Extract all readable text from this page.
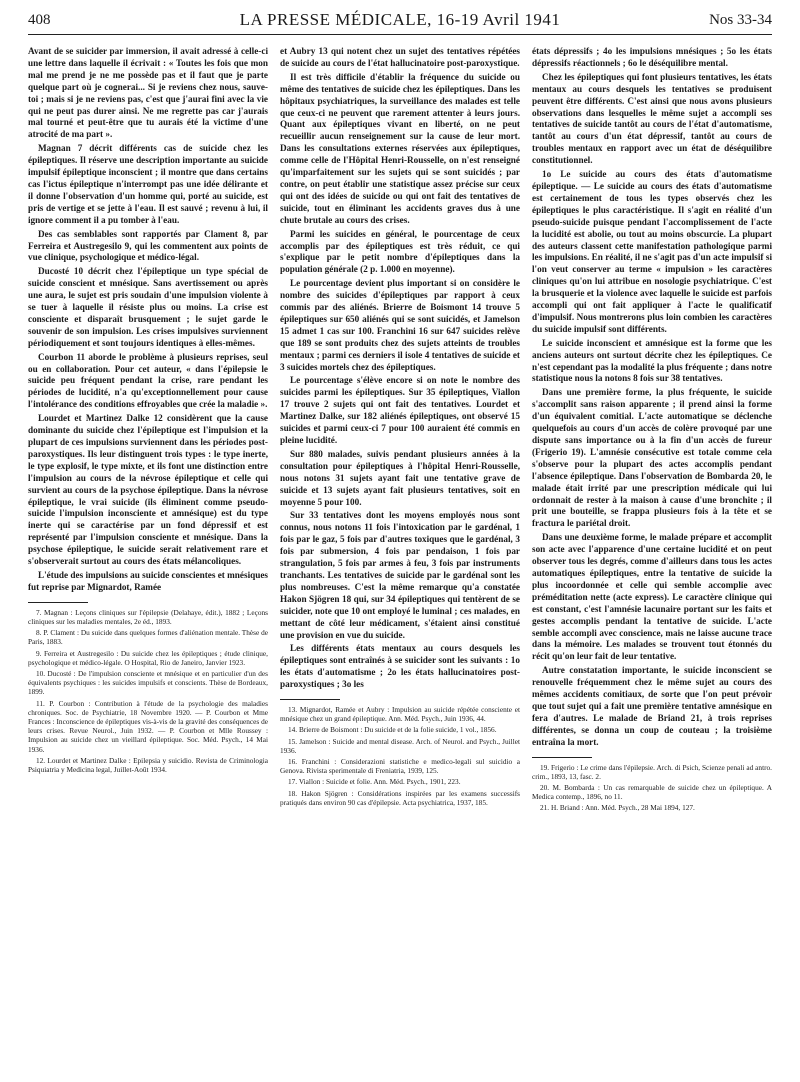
408	LA PRESSE MÉDICALE, 16-19 Avril 1941	Nos 33-34

Avant de se suicider par immersion, il avait adressé à celle-ci une lettre dans laquelle il écrivait : « Toutes les fois que mon mal me prend je ne me possède pas et il faut que je parte quelque part où je cognerai... Si je reviens chez nous, sauve-toi ; mais si je ne reviens pas, c'est que j'aurai fini avec la vie qui ne peut pas durer ainsi. Ne me regrette pas car j'aurais mal tourné et peut-être que tu aurais été la victime d'une atrocité de ma part ».

Magnan 7 décrit différents cas de suicide chez les épileptiques. Il réserve une description importante au suicide impulsif épileptique inconscient ; il montre que dans certains cas l'ictus épileptique n'interrompt pas une idée délirante et il donne l'observation d'un homme qui, porté au suicide, est pris de vertige et se jette à l'eau. Il est sauvé ; revenu à lui, il ignore comment il a pu tomber à l'eau.

Des cas semblables sont rapportés par Clament 8, par Ferreira et Austregesilo 9, qui les commentent aux points de vue clinique, psychologique et médico-légal.

Ducosté 10 décrit chez l'épileptique un type spécial de suicide conscient et mnésique. Sans avertissement ou après une aura, le sujet est pris soudain d'une impulsion violente à se tuer à laquelle il résiste plus ou moins. La crise est consciente et disparaît brusquement ; le sujet garde le souvenir de son impulsion. Les crises impulsives surviennent périodiquement et sont toujours identiques à elles-mêmes.

Courbon 11 aborde le problème à plusieurs reprises, seul ou en collaboration. Pour cet auteur, « dans l'épilepsie le suicide peu fréquent pendant la crise, rare pendant les périodes de lucidité, n'a qu'exceptionnellement pour cause l'intolérance des conditions effroyables que crée la maladie ».

Lourdet et Martinez Dalke 12 considèrent que la cause dominante du suicide chez l'épileptique est l'impulsion et la plupart de ces impulsions surviennent dans les périodes post-paroxystiques. Ils leur distinguent trois types : le type inerte, le type explosif, le type mixte, et ils font une distinction entre l'impulsion au cours de la névrose épileptique et celle qui survient au cours de la psychose épileptique. Dans la névrose épileptique, le vrai suicide (ils éliminent comme pseudo-suicide l'impulsion inconsciente et amnésique) est du type inerte qui se caractérise par un fond dépressif et est représenté par l'impulsion consciente et mnésique. Dans la psychose épileptique, le suicide serait relativement rare et s'observerait surtout au cours des états mélancoliques.

L'étude des impulsions au suicide conscientes et mnésiques fut reprise par Mignardot, Ramée

7. Magnan : Leçons cliniques sur l'épilepsie (Delahaye, édit.), 1882 ; Leçons cliniques sur les maladies mentales, 2e éd., 1893.

8. P. Clament : Du suicide dans quelques formes d'aliénation mentale. Thèse de Paris, 1883.

9. Ferreira et Austregesilo : Du suicide chez les épileptiques ; étude clinique, psychologique et médico-légale. O Hospital, Rio de Janeiro, Janvier 1923.

10. Ducosté : De l'impulsion consciente et mnésique et en particulier d'un des équivalents psychiques : les suicides impulsifs et conscients. Thèse de Bordeaux, 1899.

11. P. Courbon : Contribution à l'étude de la psychologie des maladies chroniques. Soc. de Psychiatrie, 18 Novembre 1920. — P. Courbon et Mme Frances : Inconscience de épileptiques vis-à-vis de la gravité des conséquences de leurs crises. Revue Neurol., Juin 1932. — P. Courbon et Mlle Roussey : Impulsion au suicide chez un vieillard épileptique. Soc. Méd. Psych., 14 Mai 1936.

12. Lourdet et Martinez Dalke : Epilepsia y suicidio. Revista de Criminologia Psiquiatria y Medicina legal, Juillet-Août 1934.

et Aubry 13 qui notent chez un sujet des tentatives répétées de suicide au cours de l'état hallucinatoire post-paroxystique.

Il est très difficile d'établir la fréquence du suicide ou même des tentatives de suicide chez les épileptiques. Dans les hôpitaux psychiatriques, la surveillance des malades est telle que ceux-ci ne peuvent que rarement attenter à leurs jours. Quant aux épileptiques vivant en liberté, on ne peut recueillir aucun renseignement sur la cause de leur mort. Dans les consultations externes réservées aux épileptiques, comme celle de l'Hôpital Henri-Rousselle, on n'est renseigné qu'imparfaitement sur les sujets qui se sont suicidés ; par contre, on peut établir une statistique assez précise sur ceux qui ont des idées de suicide ou qui ont fait des tentatives de suicide, tout en éliminant les accidents graves dus à une chute brutale au cours des crises.

Parmi les suicides en général, le pourcentage de ceux accomplis par des épileptiques est très réduit, ce qui s'explique par le petit nombre d'épileptiques dans la population générale (2 p. 1.000 en moyenne).

Le pourcentage devient plus important si on considère le nombre des suicides d'épileptiques par rapport à ceux commis par des aliénés. Brierre de Boismont 14 trouve 5 épileptiques sur 650 aliénés qui se sont suicidés, et Jamelson 15 admet 1 cas sur 100. Franchini 16 sur 647 suicides relève que 189 se sont produits chez des sujets atteints de troubles mentaux ; parmi ces derniers il isole 4 tentatives de suicide et 3 suicides mortels chez des épileptiques.

Le pourcentage s'élève encore si on note le nombre des suicides parmi les épileptiques. Sur 35 épileptiques, Viallon 17 trouve 2 sujets qui ont fait des tentatives. Lourdet et Martinez Dalke, sur 182 aliénés épileptiques, ont observé 15 suicides et parmi ceux-ci 7 pour 100 auraient été commis en pleine lucidité.

Sur 880 malades, suivis pendant plusieurs années à la consultation pour épileptiques à l'hôpital Henri-Rousselle, nous notons 31 sujets ayant fait une tentative grave de suicide et 13 sujets ayant fait plusieurs tentatives, soit en moyenne 5 pour 100.

Sur 33 tentatives dont les moyens employés nous sont connus, nous notons 11 fois l'intoxication par le gardénal, 1 fois par le gaz, 5 fois par d'autres toxiques que le gardénal, 3 fois par submersion, 4 fois par pendaison, 1 fois par strangulation, 5 fois par armes à feu, 3 fois par instruments tranchants. Les tentatives de suicide par le gardénal sont les plus nombreuses. C'est la même remarque qu'a constatée Hakon Sjögren 18 qui, sur 34 épileptiques qui tentèrent de se suicider, note que 10 ont employé le luminal ; ces malades, en mettant de côté leur médicament, s'étaient ainsi constitué une provision en vue du suicide.

Les différents états mentaux au cours desquels les épileptiques sont entraînés à se suicider sont les suivants : 1o les états d'automatisme ; 2o les états hallucinatoires post-paroxystiques ; 3o les

13. Mignardot, Ramée et Aubry : Impulsion au suicide répétée consciente et mnésique chez un grand épileptique. Ann. Méd. Psych., Juin 1936, 44.

14. Brierre de Boismont : Du suicide et de la folie suicide, 1 vol., 1856.

15. Jamelson : Suicide and mental disease. Arch. of Neurol. and Psych., Juillet 1936.

16. Franchini : Considerazioni statistiche e medico-legali sul suicidio a Genova. Rivista sperimentale di Freniatria, 1939, 125.

17. Viallon : Suicide et folie. Ann. Méd. Psych., 1901, 223.

18. Hakon Sjögren : Considérations inspirées par les examens successifs pratiqués dans environ 90 cas d'épilepsie. Acta psychiatrica, 1937, 185.

états dépressifs ; 4o les impulsions mnésiques ; 5o les états dépressifs réactionnels ; 6o le déséquilibre mental.

Chez les épileptiques qui font plusieurs tentatives, les états mentaux au cours desquels les tentatives se produisent peuvent être différents. C'est ainsi que nous avons plusieurs observations dans lesquelles le même sujet a accompli ses tentatives de suicide tantôt au cours de l'état d'automatisme, tantôt au cours d'un état dépressif, tantôt au cours de troubles mentaux en rapport avec un état de déséquilibre constitutionnel.

1o Le suicide au cours des états d'automatisme épileptique. — Le suicide au cours des états d'automatisme est certainement de tous les types observés chez les épileptiques le plus caractéristique. Il s'agit en réalité d'un pseudo-suicide puisque pendant l'accomplissement de l'acte la lucidité est abolie, ou tout au moins obscurcie. La plupart des auteurs classent cette manifestation pathologique parmi les impulsions. En réalité, il ne s'agit pas d'un acte impulsif si l'on veut conserver au terme « impulsion » les caractères cliniques qu'on lui attribue en nosologie psychiatrique. C'est la brusquerie et la violence avec laquelle le suicide est parfois accompli qui ont fait appliquer à l'acte le qualificatif d'impulsif. Nous montrerons plus loin combien les caractères du suicide impulsif sont différents.

Le suicide inconscient et amnésique est la forme que les anciens auteurs ont surtout décrite chez les épileptiques. Ce n'est cependant pas la modalité la plus fréquente ; dans notre statistique nous la notons 8 fois sur 38 tentatives.

Dans une première forme, la plus fréquente, le suicide s'accomplit sans raison apparente ; il prend ainsi la forme d'un équivalent comitial. L'acte automatique se déclenche quelquefois au cours d'un accès de colère provoqué par une dispute sans importance ou à la fin d'un accès de fureur (Frigerio 19). L'amnésie consécutive est totale comme cela s'observe pour la plupart des actes accomplis pendant l'absence épileptique. Dans l'observation de Bombarda 20, le malade était irrité par une prescription médicale qui lui ordonnait de rester à la maison à cause d'une bronchite ; il prit une bouteille, se frappa plusieurs fois à la tête et se fractura le pariétal droit.

Dans une deuxième forme, le malade prépare et accomplit son acte avec l'apparence d'une certaine lucidité et on peut observer tous les degrés, comme d'ailleurs dans tous les actes automatiques épileptiques, entre la tentative de suicide la plus incoordonnée et celle qui semble accomplie avec préméditation nette (acte express). Le caractère clinique qui est constant, c'est l'amnésie lacunaire portant sur les faits et gestes accomplis pendant la tentative de suicide. L'acte semble accompli avec conscience, mais ne laisse aucune trace dans la mémoire. Les malades se trouvent tout étonnés du récit qu'on leur fait de leur tentative.

Autre constatation importante, le suicide inconscient se renouvelle fréquemment chez le même sujet au cours des mêmes accidents comitiaux, de sorte que l'on peut prévoir que tout sujet qui a fait une première tentative amnésique en fera d'autres. Le malade de Briand 21, à trois reprises différentes, se donna un coup de couteau ; la troisième entraîna la mort.

19. Frigerio : Le crime dans l'épilepsie. Arch. di Psich, Scienze penali ad antro. crim., 1893, 13, fasc. 2.

20. M. Bombarda : Un cas remarquable de suicide chez un épileptique. A Medica contemp., 1896, no 11.

21. H. Briand : Ann. Méd. Psych., 28 Mai 1894, 127.
